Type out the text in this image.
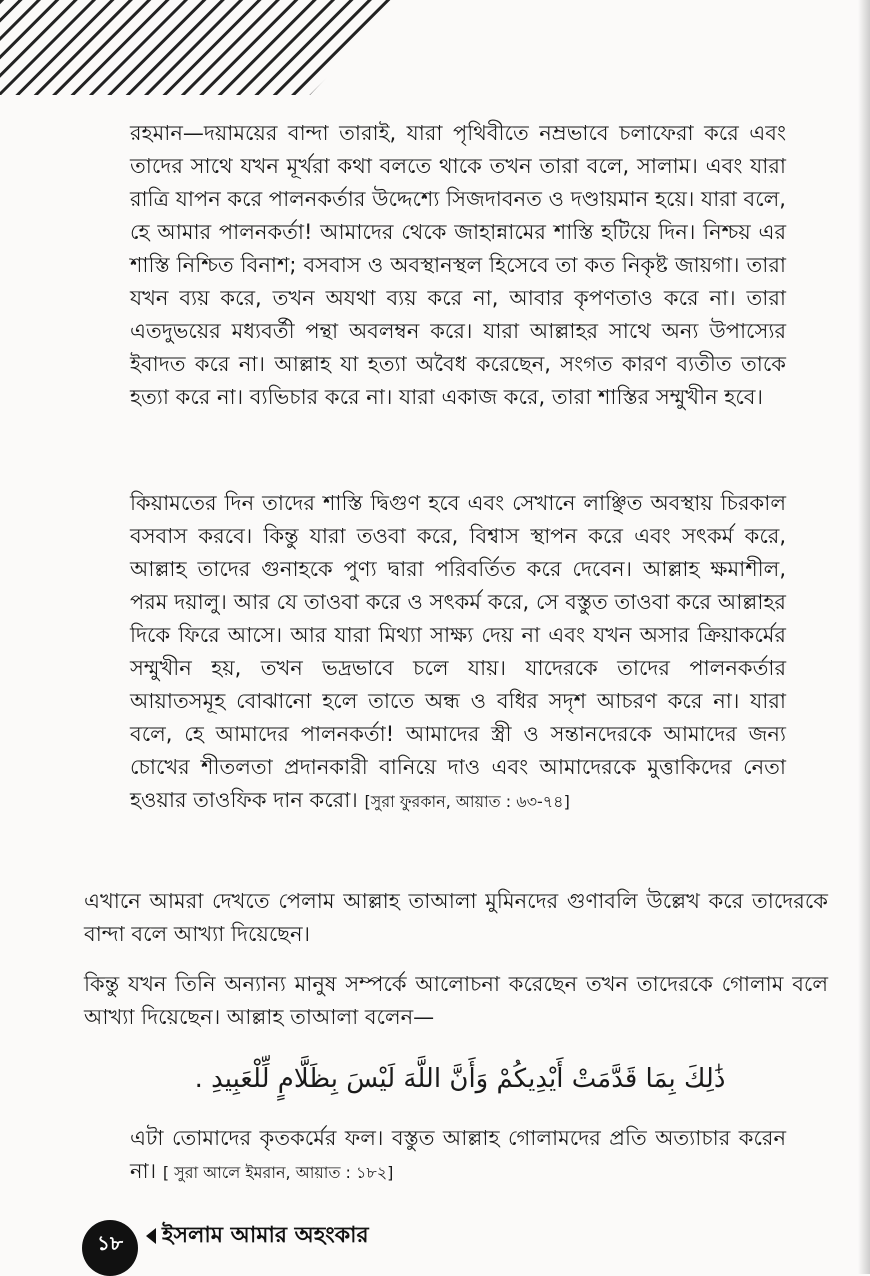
রহমান—দয়াময়ের বান্দা তারাই, যারা পৃথিবীতে নম্রভাবে চলাফেরা করে এবং তাদের সাথে যখন মূর্খরা কথা বলতে থাকে তখন তারা বলে, সালাম। এবং যারা রাত্রি যাপন করে পালনকর্তার উদ্দেশ্যে সিজদাবনত ও দণ্ডায়মান হয়ে। যারা বলে, হে আমার পালনকর্তা! আমাদের থেকে জাহান্নামের শাস্তি হটিয়ে দিন। নিশ্চয় এর শাস্তি নিশ্চিত বিনাশ; বসবাস ও অবস্থানস্থল হিসেবে তা কত নিকৃষ্ট জায়গা। তারা যখন ব্যয় করে, তখন অযথা ব্যয় করে না, আবার কৃপণতাও করে না। তারা এতদুভয়ের মধ্যবর্তী পন্থা অবলম্বন করে। যারা আল্লাহর সাথে অন্য উপাস্যের ইবাদত করে না। আল্লাহ যা হত্যা অবৈধ করেছেন, সংগত কারণ ব্যতীত তাকে হত্যা করে না। ব্যভিচার করে না। যারা একাজ করে, তারা শাস্তির সম্মুখীন হবে।

কিয়ামতের দিন তাদের শাস্তি দ্বিগুণ হবে এবং সেখানে লাঞ্ছিত অবস্থায় চিরকাল বসবাস করবে। কিন্তু যারা তওবা করে, বিশ্বাস স্থাপন করে এবং সৎকর্ম করে, আল্লাহ তাদের গুনাহকে পুণ্য দ্বারা পরিবর্তিত করে দেবেন। আল্লাহ ক্ষমাশীল, পরম দয়ালু। আর যে তাওবা করে ও সৎকর্ম করে, সে বস্তুত তাওবা করে আল্লাহর দিকে ফিরে আসে। আর যারা মিথ্যা সাক্ষ্য দেয় না এবং যখন অসার ক্রিয়াকর্মের সম্মুখীন হয়, তখন ভদ্রভাবে চলে যায়। যাদেরকে তাদের পালনকর্তার আয়াতসমূহ বোঝানো হলে তাতে অন্ধ ও বধির সদৃশ আচরণ করে না। যারা বলে, হে আমাদের পালনকর্তা! আমাদের স্ত্রী ও সন্তানদেরকে আমাদের জন্য চোখের শীতলতা প্রদানকারী বানিয়ে দাও এবং আমাদেরকে মুত্তাকিদের নেতা হওয়ার তাওফিক দান করো। [সুরা ফুরকান, আয়াত : ৬৩-৭৪]

এখানে আমরা দেখতে পেলাম আল্লাহ তাআলা মুমিনদের গুণাবলি উল্লেখ করে তাদেরকে বান্দা বলে আখ্যা দিয়েছেন।

কিন্তু যখন তিনি অন্যান্য মানুষ সম্পর্কে আলোচনা করেছেন তখন তাদেরকে গোলাম বলে আখ্যা দিয়েছেন। আল্লাহ তাআলা বলেন—

ذَٰلِكَ بِمَا قَدَّمَتْ أَيْدِيكُمْ وَأَنَّ اللَّهَ لَيْسَ بِظَلَّامٍ لِّلْعَبِيدِ .

এটা তোমাদের কৃতকর্মের ফল। বস্তুত আল্লাহ গোলামদের প্রতি অত্যাচার করেন না। [ সুরা আলে ইমরান, আয়াত : ১৮২]

১৮	ইসলাম আমার অহংকার
